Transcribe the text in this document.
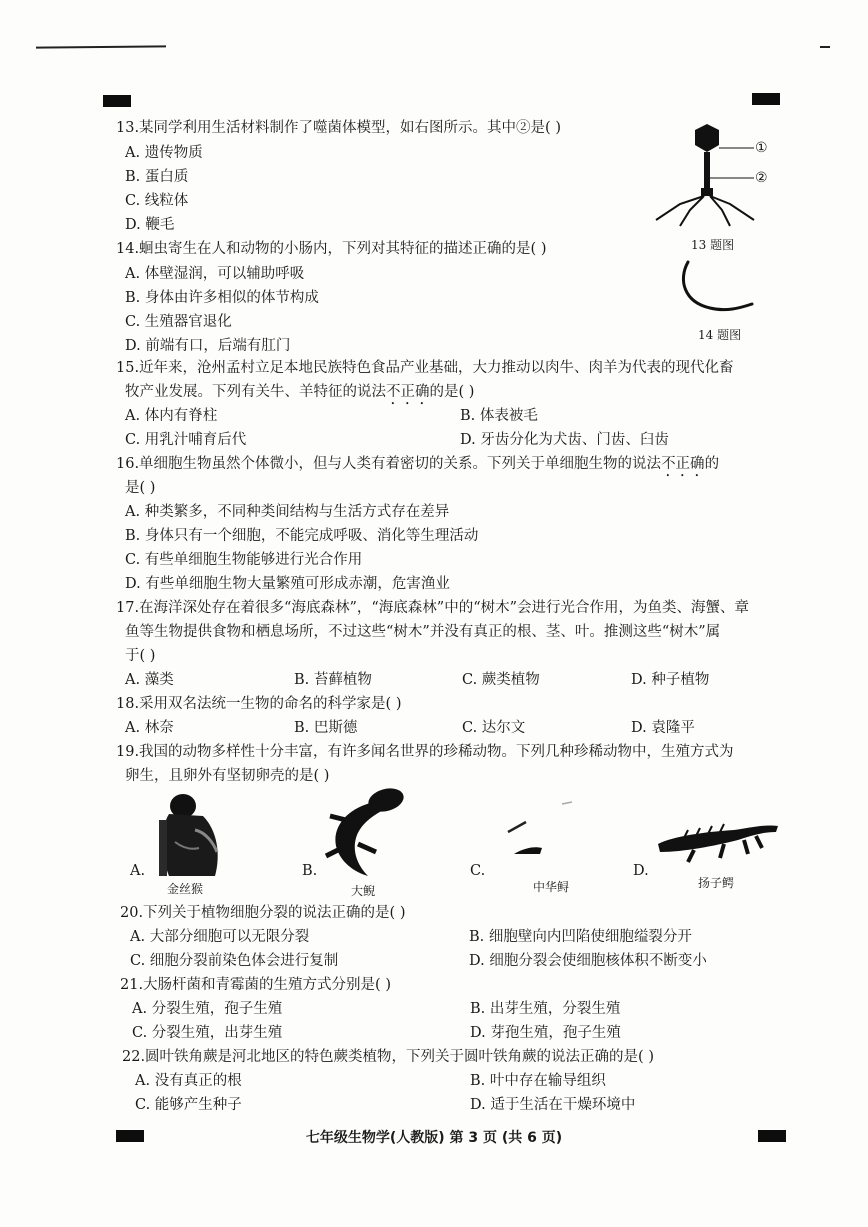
13.某同学利用生活材料制作了噬菌体模型，如右图所示。其中②是( )
A. 遗传物质
B. 蛋白质
C. 线粒体
D. 鞭毛
①
②
13 题图
14.蛔虫寄生在人和动物的小肠内，下列对其特征的描述正确的是( )
A. 体壁湿润，可以辅助呼吸
B. 身体由许多相似的体节构成
C. 生殖器官退化
D. 前端有口，后端有肛门
14 题图
15.近年来，沧州孟村立足本地民族特色食品产业基础，大力推动以肉牛、肉羊为代表的现代化畜
牧产业发展。下列有关牛、羊特征的说法不正确的是( )
A. 体内有脊柱	B. 体表被毛
C. 用乳汁哺育后代	D. 牙齿分化为犬齿、门齿、臼齿
16.单细胞生物虽然个体微小，但与人类有着密切的关系。下列关于单细胞生物的说法不正确的
是( )
A. 种类繁多，不同种类间结构与生活方式存在差异
B. 身体只有一个细胞，不能完成呼吸、消化等生理活动
C. 有些单细胞生物能够进行光合作用
D. 有些单细胞生物大量繁殖可形成赤潮，危害渔业
17.在海洋深处存在着很多“海底森林”，“海底森林”中的“树木”会进行光合作用，为鱼类、海蟹、章
鱼等生物提供食物和栖息场所，不过这些“树木”并没有真正的根、茎、叶。推测这些“树木”属
于( )
A. 藻类	B. 苔藓植物	C. 蕨类植物	D. 种子植物
18.采用双名法统一生物的命名的科学家是( )
A. 林奈	B. 巴斯德	C. 达尔文	D. 袁隆平
19.我国的动物多样性十分丰富，有许多闻名世界的珍稀动物。下列几种珍稀动物中，生殖方式为
卵生，且卵外有坚韧卵壳的是( )
A.	B.	C.	D.
金丝猴	大鲵	中华鲟	扬子鳄
20.下列关于植物细胞分裂的说法正确的是( )
A. 大部分细胞可以无限分裂	B. 细胞壁向内凹陷使细胞缢裂分开
C. 细胞分裂前染色体会进行复制	D. 细胞分裂会使细胞核体积不断变小
21.大肠杆菌和青霉菌的生殖方式分别是( )
A. 分裂生殖，孢子生殖	B. 出芽生殖，分裂生殖
C. 分裂生殖，出芽生殖	D. 芽孢生殖，孢子生殖
22.圆叶铁角蕨是河北地区的特色蕨类植物，下列关于圆叶铁角蕨的说法正确的是( )
A. 没有真正的根	B. 叶中存在输导组织
C. 能够产生种子	D. 适于生活在干燥环境中
七年级生物学(人教版) 第 3 页 (共 6 页)
